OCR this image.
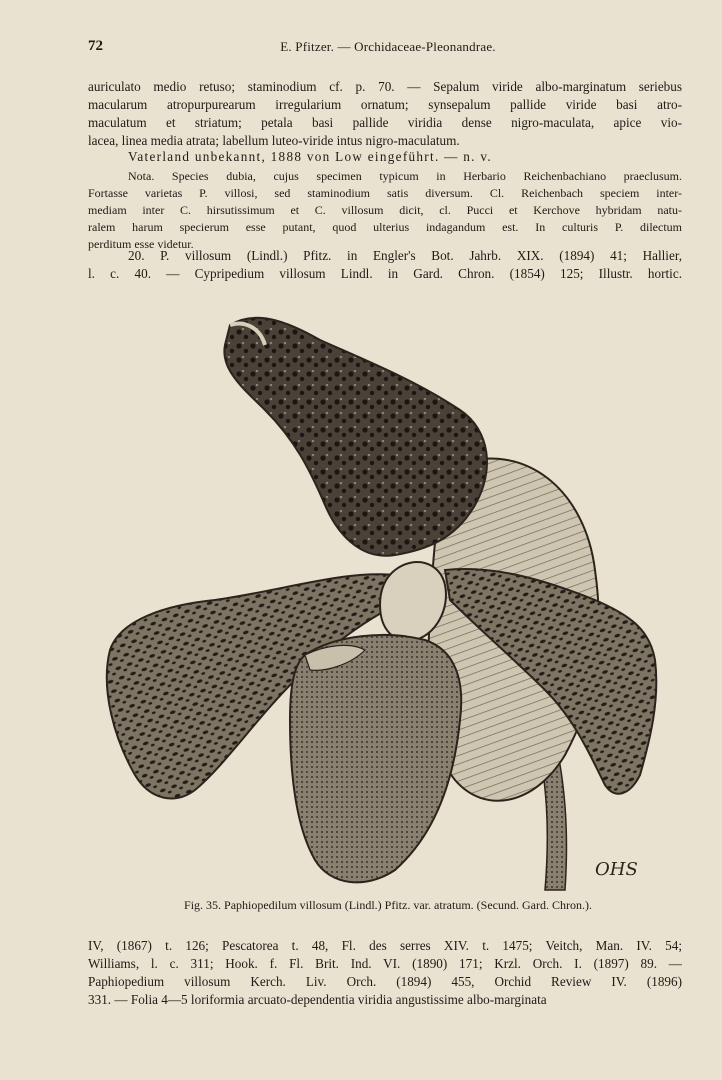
72	E. Pfitzer. — Orchidaceae-Pleonandrae.
auriculato medio retuso; staminodium cf. p. 70. — Sepalum viride albo-marginatum seriebus
macularum atropurpurearum irregularium ornatum; synsepalum pallide viride basi atro-
maculatum et striatum; petala basi pallide viridia dense nigro-maculata, apice vio-
lacea, linea media atrata; labellum luteo-viride intus nigro-maculatum.
Vaterland unbekannt, 1888 von Low eingeführt. — n. v.
Nota. Species dubia, cujus specimen typicum in Herbario Reichenbachiano praeclusum.
Fortasse varietas P. villosi, sed staminodium satis diversum. Cl. Reichenbach speciem inter-
mediam inter C. hirsutissimum et C. villosum dicit, cl. Pucci et Kerchove hybridam natu-
ralem harum specierum esse putant, quod ulterius indagandum est. In culturis P. dilectum
perditum esse videtur.
20. P. villosum (Lindl.) Pfitz. in Engler's Bot. Jahrb. XIX. (1894) 41; Hallier,
l. c. 40. — Cypripedium villosum Lindl. in Gard. Chron. (1854) 125; Illustr. hortic.
OHS
Fig. 35. Paphiopedilum villosum (Lindl.) Pfitz. var. atratum. (Secund. Gard. Chron.).
IV, (1867) t. 126; Pescatorea t. 48, Fl. des serres XIV. t. 1475; Veitch, Man. IV. 54;
Williams, l. c. 311; Hook. f. Fl. Brit. Ind. VI. (1890) 171; Krzl. Orch. I. (1897) 89. —
Paphiopedium villosum Kerch. Liv. Orch. (1894) 455, Orchid Review IV. (1896)
331. — Folia 4—5 loriformia arcuato-dependentia viridia angustissime albo-marginata
